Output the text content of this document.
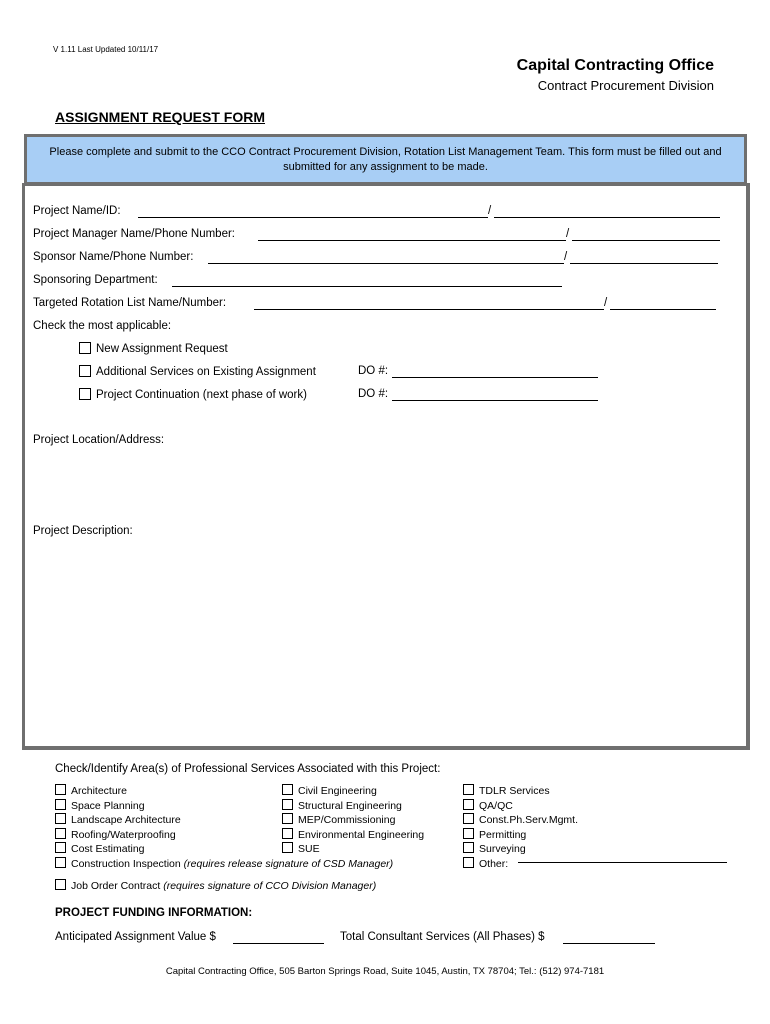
V 1.11 Last Updated 10/11/17
Capital Contracting Office
Contract Procurement Division
ASSIGNMENT REQUEST FORM
Please complete and submit to the CCO Contract Procurement Division, Rotation List Management Team. This form must be filled out and submitted for any assignment to be made.
Project Name/ID:	/
Project Manager Name/Phone Number:	/
Sponsor Name/Phone Number:	/
Sponsoring Department:
Targeted Rotation List Name/Number:	/
Check the most applicable:
New Assignment Request
Additional Services on Existing Assignment	DO #:
Project Continuation (next phase of work)	DO #:
Project Location/Address:
Project Description:
Check/Identify Area(s) of Professional Services Associated with this Project:
Architecture
Space Planning
Landscape Architecture
Roofing/Waterproofing
Cost Estimating
Construction Inspection (requires release signature of CSD Manager)
Civil Engineering
Structural Engineering
MEP/Commissioning
Environmental Engineering
SUE
TDLR Services
QA/QC
Const.Ph.Serv.Mgmt.
Permitting
Surveying
Other:
Job Order Contract (requires signature of CCO Division Manager)
PROJECT FUNDING INFORMATION:
Anticipated Assignment Value $	Total Consultant Services (All Phases) $
Capital Contracting Office, 505 Barton Springs Road, Suite 1045, Austin, TX 78704; Tel.: (512) 974-7181
